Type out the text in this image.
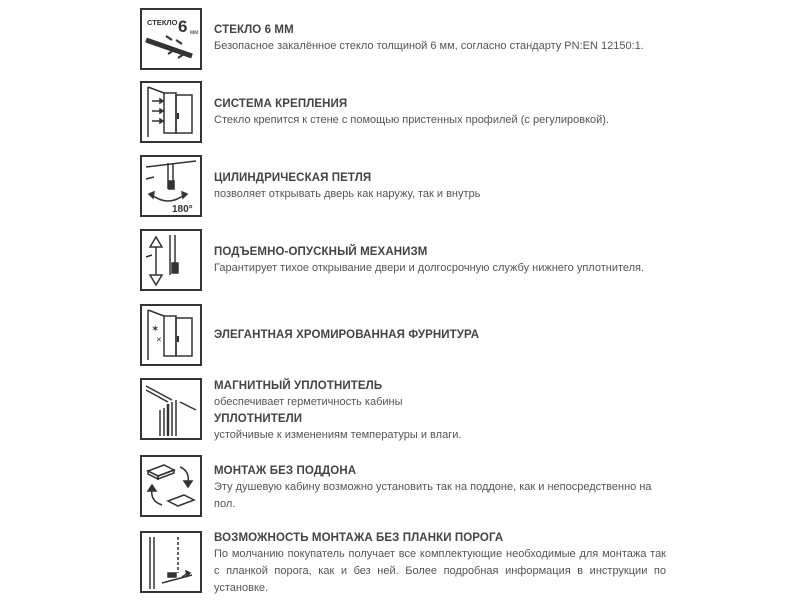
СТЕКЛО 6 мм СТЕКЛО 6 ММ
Безопасное закалённое стекло толщиной 6 мм, согласно стандарту PN:EN 12150:1.
СИСТЕМА КРЕПЛЕНИЯ
Стекло крепится к стене с помощью пристенных профилей (с регулировкой).
180°
ЦИЛИНДРИЧЕСКАЯ ПЕТЛЯ
позволяет открывать дверь как наружу, так и внутрь
ПОДЪЕМНО-ОПУСКНЫЙ МЕХАНИЗМ
Гарантирует тихое открывание двери и долгосрочную службу нижнего уплотнителя.
✶
✕	ЭЛЕГАНТНАЯ ХРОМИРОВАННАЯ ФУРНИТУРА
МАГНИТНЫЙ УПЛОТНИТЕЛЬ
обеспечивает герметичность кабины
УПЛОТНИТЕЛИ
устойчивые к изменениям температуры и влаги.
МОНТАЖ БЕЗ ПОДДОНА
Эту душевую кабину возможно установить так на поддоне, как и непосредственно на пол.
ВОЗМОЖНОСТЬ МОНТАЖА БЕЗ ПЛАНКИ ПОРОГА
По молчанию покупатель получает все комплектующие необходимые для монтажа так с планкой порога, как и без ней. Более подробная информация в инструкции по установке.
